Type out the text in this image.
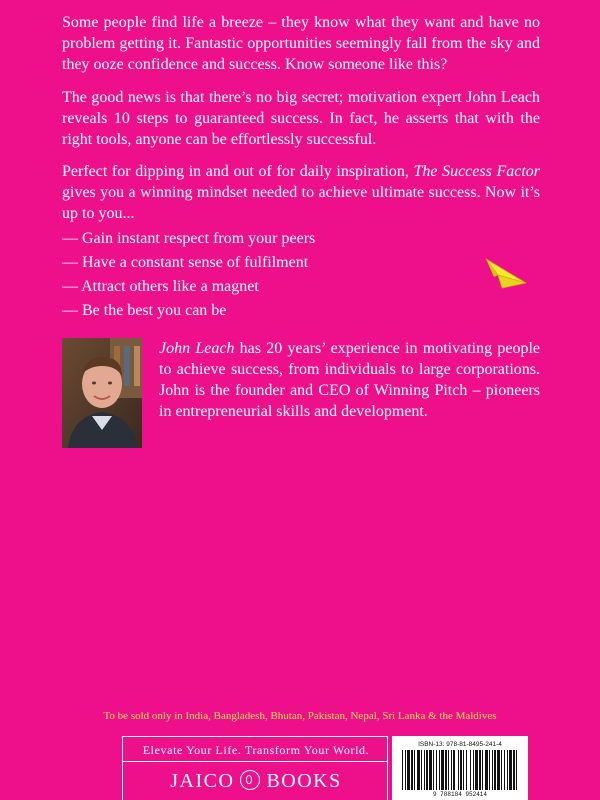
Some people find life a breeze – they know what they want and have no problem getting it. Fantastic opportunities seemingly fall from the sky and they ooze confidence and success. Know someone like this?

The good news is that there’s no big secret; motivation expert John Leach reveals 10 steps to guaranteed success. In fact, he asserts that with the right tools, anyone can be effortlessly successful.

Perfect for dipping in and out of for daily inspiration, The Success Factor gives you a winning mindset needed to achieve ultimate success. Now it’s up to you...

— Gain instant respect from your peers
— Have a constant sense of fulfilment
— Attract others like a magnet
— Be the best you can be

John Leach has 20 years’ experience in motivating people to achieve success, from individuals to large corporations. John is the founder and CEO of Winning Pitch – pioneers in entrepreneurial skills and development.

To be sold only in India, Bangladesh, Bhutan, Pakistan, Nepal, Sri Lanka & the Maldives

Elevate Your Life. Transform Your World.

JAICO BOOKS

ISBN-13: 978-81-8495-241-4

9 788184 952414
